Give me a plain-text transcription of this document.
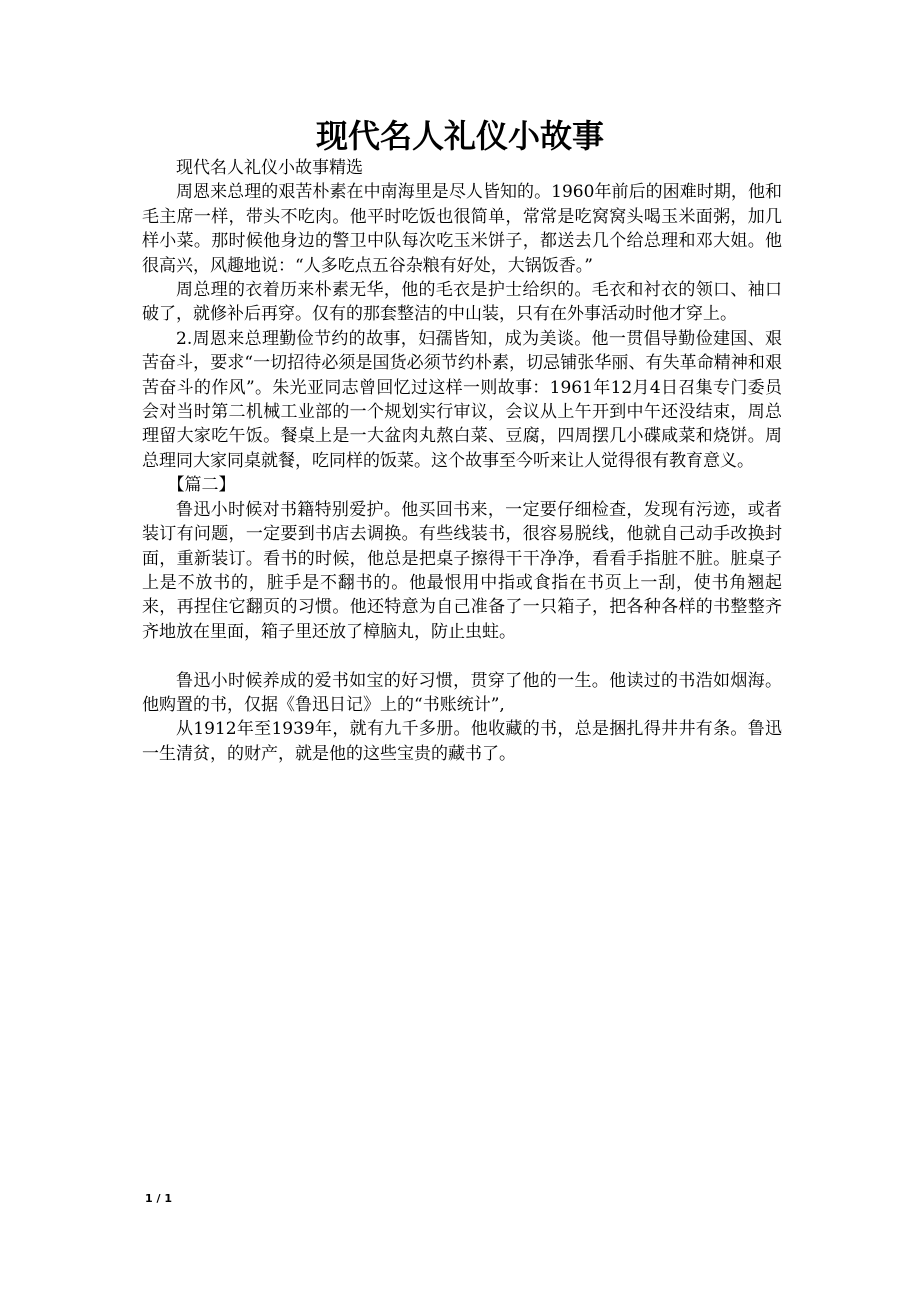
现代名人礼仪小故事

现代名人礼仪小故事精选

周恩来总理的艰苦朴素在中南海里是尽人皆知的。1960年前后的困难时期，他和毛主席一样，带头不吃肉。他平时吃饭也很简单，常常是吃窝窝头喝玉米面粥，加几样小菜。那时候他身边的警卫中队每次吃玉米饼子，都送去几个给总理和邓大姐。他很高兴，风趣地说：“人多吃点五谷杂粮有好处，大锅饭香。”

周总理的衣着历来朴素无华，他的毛衣是护士给织的。毛衣和衬衣的领口、袖口破了，就修补后再穿。仅有的那套整洁的中山装，只有在外事活动时他才穿上。

2.周恩来总理勤俭节约的故事，妇孺皆知，成为美谈。他一贯倡导勤俭建国、艰苦奋斗，要求“一切招待必须是国货必须节约朴素，切忌铺张华丽、有失革命精神和艰苦奋斗的作风”。朱光亚同志曾回忆过这样一则故事：1961年12月4日召集专门委员会对当时第二机械工业部的一个规划实行审议，会议从上午开到中午还没结束，周总理留大家吃午饭。餐桌上是一大盆肉丸熬白菜、豆腐，四周摆几小碟咸菜和烧饼。周总理同大家同桌就餐，吃同样的饭菜。这个故事至今听来让人觉得很有教育意义。

【篇二】

鲁迅小时候对书籍特别爱护。他买回书来，一定要仔细检查，发现有污迹，或者装订有问题，一定要到书店去调换。有些线装书，很容易脱线，他就自己动手改换封面，重新装订。看书的时候，他总是把桌子擦得干干净净，看看手指脏不脏。脏桌子上是不放书的，脏手是不翻书的。他最恨用中指或食指在书页上一刮，使书角翘起来，再捏住它翻页的习惯。他还特意为自己准备了一只箱子，把各种各样的书整整齐齐地放在里面，箱子里还放了樟脑丸，防止虫蛀。

鲁迅小时候养成的爱书如宝的好习惯，贯穿了他的一生。他读过的书浩如烟海。他购置的书，仅据《鲁迅日记》上的“书账统计”,

从1912年至1939年，就有九千多册。他收藏的书，总是捆扎得井井有条。鲁迅一生清贫，的财产，就是他的这些宝贵的藏书了。

1 / 1
